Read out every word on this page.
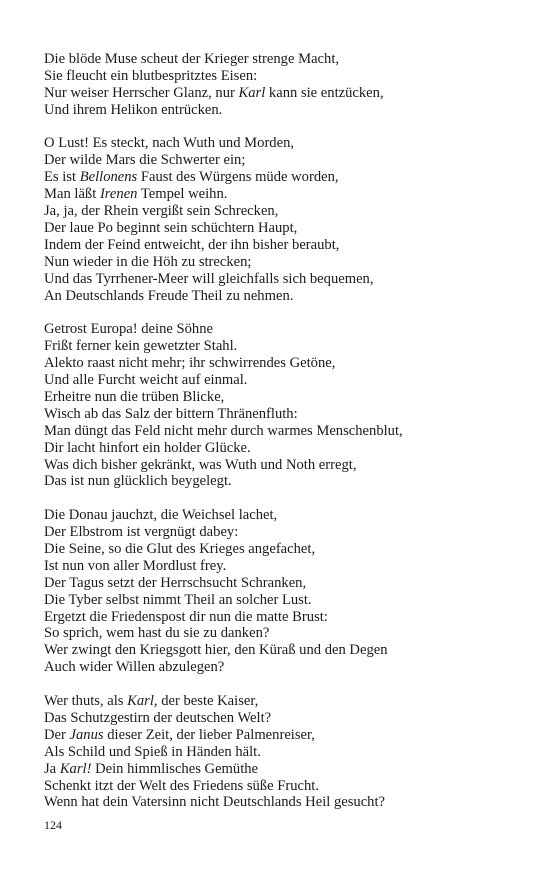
Die blöde Muse scheut der Krieger strenge Macht,
Sie fleucht ein blutbespritztes Eisen:
Nur weiser Herrscher Glanz, nur Karl kann sie entzücken,
Und ihrem Helikon entrücken.
O Lust! Es steckt, nach Wuth und Morden,
Der wilde Mars die Schwerter ein;
Es ist Bellonens Faust des Würgens müde worden,
Man läßt Irenen Tempel weihn.
Ja, ja, der Rhein vergißt sein Schrecken,
Der laue Po beginnt sein schüchtern Haupt,
Indem der Feind entweicht, der ihn bisher beraubt,
Nun wieder in die Höh zu strecken;
Und das Tyrrhener-Meer will gleichfalls sich bequemen,
An Deutschlands Freude Theil zu nehmen.
Getrost Europa! deine Söhne
Frißt ferner kein gewetzter Stahl.
Alekto raast nicht mehr; ihr schwirrendes Getöne,
Und alle Furcht weicht auf einmal.
Erheitre nun die trüben Blicke,
Wisch ab das Salz der bittern Thränenfluth:
Man düngt das Feld nicht mehr durch warmes Menschenblut,
Dir lacht hinfort ein holder Glücke.
Was dich bisher gekränkt, was Wuth und Noth erregt,
Das ist nun glücklich beygelegt.
Die Donau jauchzt, die Weichsel lachet,
Der Elbstrom ist vergnügt dabey:
Die Seine, so die Glut des Krieges angefachet,
Ist nun von aller Mordlust frey.
Der Tagus setzt der Herrschsucht Schranken,
Die Tyber selbst nimmt Theil an solcher Lust.
Ergetzt die Friedenspost dir nun die matte Brust:
So sprich, wem hast du sie zu danken?
Wer zwingt den Kriegsgott hier, den Küraß und den Degen
Auch wider Willen abzulegen?
Wer thuts, als Karl, der beste Kaiser,
Das Schutzgestirn der deutschen Welt?
Der Janus dieser Zeit, der lieber Palmenreiser,
Als Schild und Spieß in Händen hält.
Ja Karl! Dein himmlisches Gemüthe
Schenkt itzt der Welt des Friedens süße Frucht.
Wenn hat dein Vatersinn nicht Deutschlands Heil gesucht?
124
